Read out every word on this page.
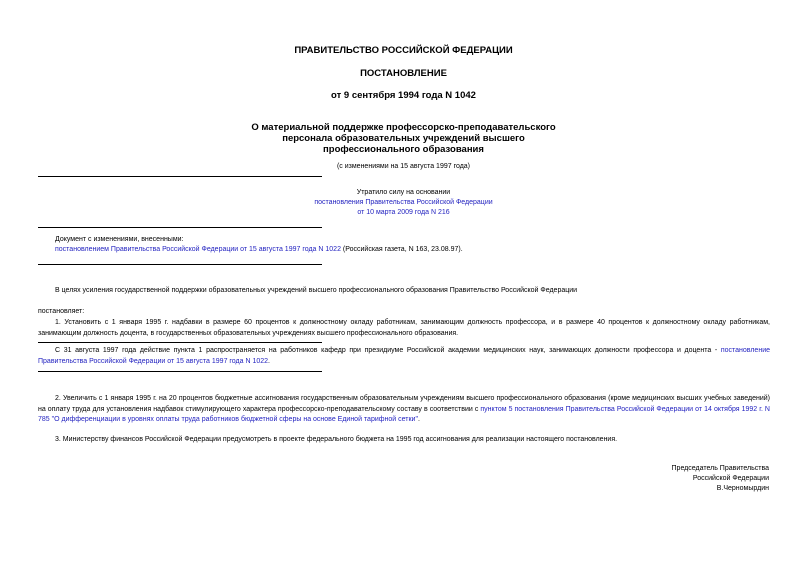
ПРАВИТЕЛЬСТВО РОССИЙСКОЙ ФЕДЕРАЦИИ
ПОСТАНОВЛЕНИЕ
от 9 сентября 1994 года N 1042
О материальной поддержке профессорско-преподавательского
персонала образовательных учреждений высшего
профессионального образования
(с изменениями на 15 августа 1997 года)
Утратило силу на основании
постановления Правительства Российской Федерации
от 10 марта 2009 года N 216
Документ с изменениями, внесенными:
постановлением Правительства Российской Федерации от 15 августа 1997 года N 1022 (Российская газета, N 163, 23.08.97).
В целях усиления государственной поддержки образовательных учреждений высшего профессионального образования Правительство Российской Федерации
постановляет:
1. Установить с 1 января 1995 г. надбавки в размере 60 процентов к должностному окладу работникам, занимающим должность профессора, и в размере 40 процентов к должностному окладу работникам, занимающим должность доцента, в государственных образовательных учреждениях высшего профессионального образования.
С 31 августа 1997 года действие пункта 1 распространяется на работников кафедр при президиуме Российской академии медицинских наук, занимающих должности профессора и доцента - постановление Правительства Российской Федерации от 15 августа 1997 года N 1022.
2. Увеличить с 1 января 1995 г. на 20 процентов бюджетные ассигнования государственным образовательным учреждениям высшего профессионального образования (кроме медицинских высших учебных заведений) на оплату труда для установления надбавок стимулирующего характера профессорско-преподавательскому составу в соответствии с пунктом 5 постановления Правительства Российской Федерации от 14 октября 1992 г. N 785 "О дифференциации в уровнях оплаты труда работников бюджетной сферы на основе Единой тарифной сетки".
3. Министерству финансов Российской Федерации предусмотреть в проекте федерального бюджета на 1995 год ассигнования для реализации настоящего постановления.
Председатель Правительства
Российской Федерации
В.Черномырдин
